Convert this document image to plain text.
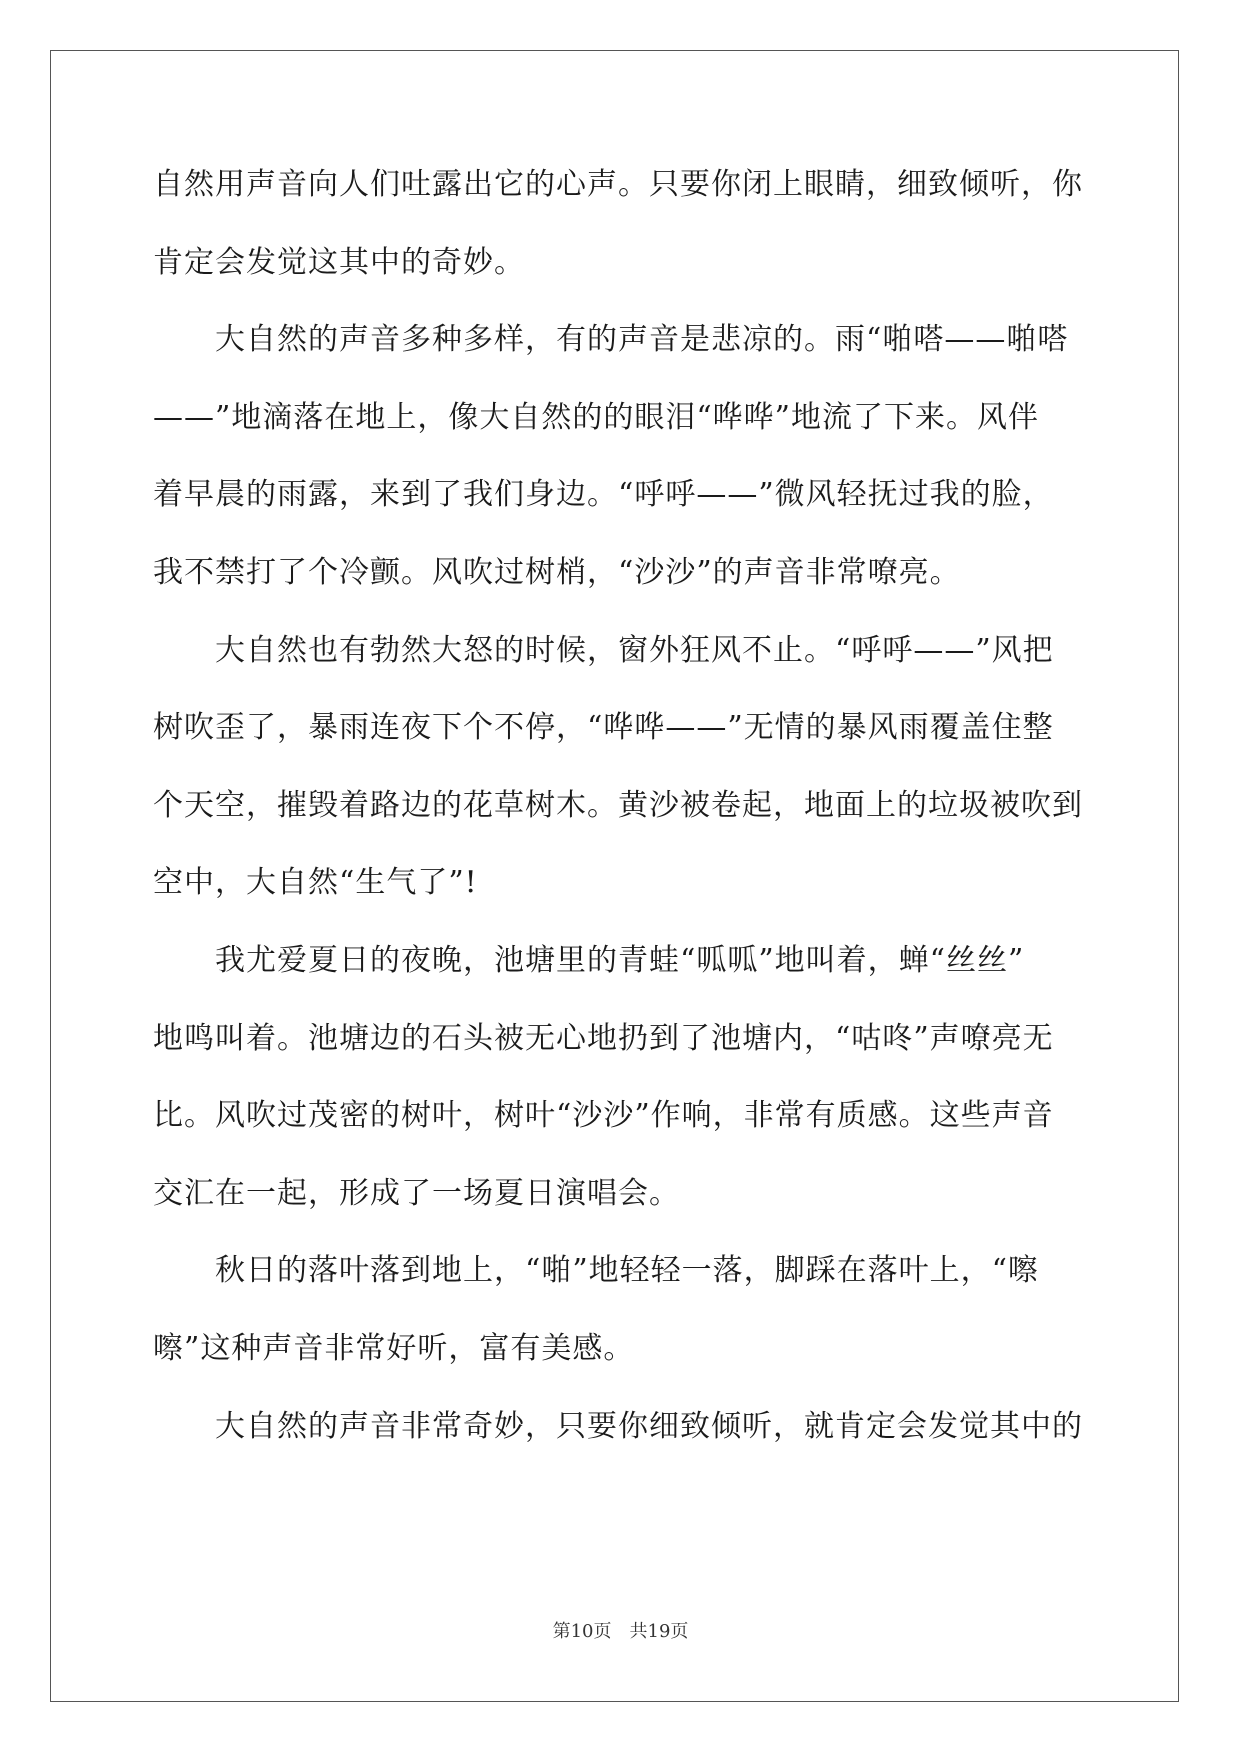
自然用声音向人们吐露出它的心声。只要你闭上眼睛，细致倾听，你
肯定会发觉这其中的奇妙。
　　大自然的声音多种多样，有的声音是悲凉的。雨“啪嗒——啪嗒
——”地滴落在地上，像大自然的的眼泪“哗哗”地流了下来。风伴
着早晨的雨露，来到了我们身边。“呼呼——”微风轻抚过我的脸，
我不禁打了个冷颤。风吹过树梢，“沙沙”的声音非常嘹亮。
　　大自然也有勃然大怒的时候，窗外狂风不止。“呼呼——”风把
树吹歪了，暴雨连夜下个不停，“哗哗——”无情的暴风雨覆盖住整
个天空，摧毁着路边的花草树木。黄沙被卷起，地面上的垃圾被吹到
空中，大自然“生气了”!
　　我尤爱夏日的夜晚，池塘里的青蛙“呱呱”地叫着，蝉“丝丝”
地鸣叫着。池塘边的石头被无心地扔到了池塘内，“咕咚”声嘹亮无
比。风吹过茂密的树叶，树叶“沙沙”作响，非常有质感。这些声音
交汇在一起，形成了一场夏日演唱会。
　　秋日的落叶落到地上，“啪”地轻轻一落，脚踩在落叶上，“嚓
嚓”这种声音非常好听，富有美感。
　　大自然的声音非常奇妙，只要你细致倾听，就肯定会发觉其中的
第10页　共19页
